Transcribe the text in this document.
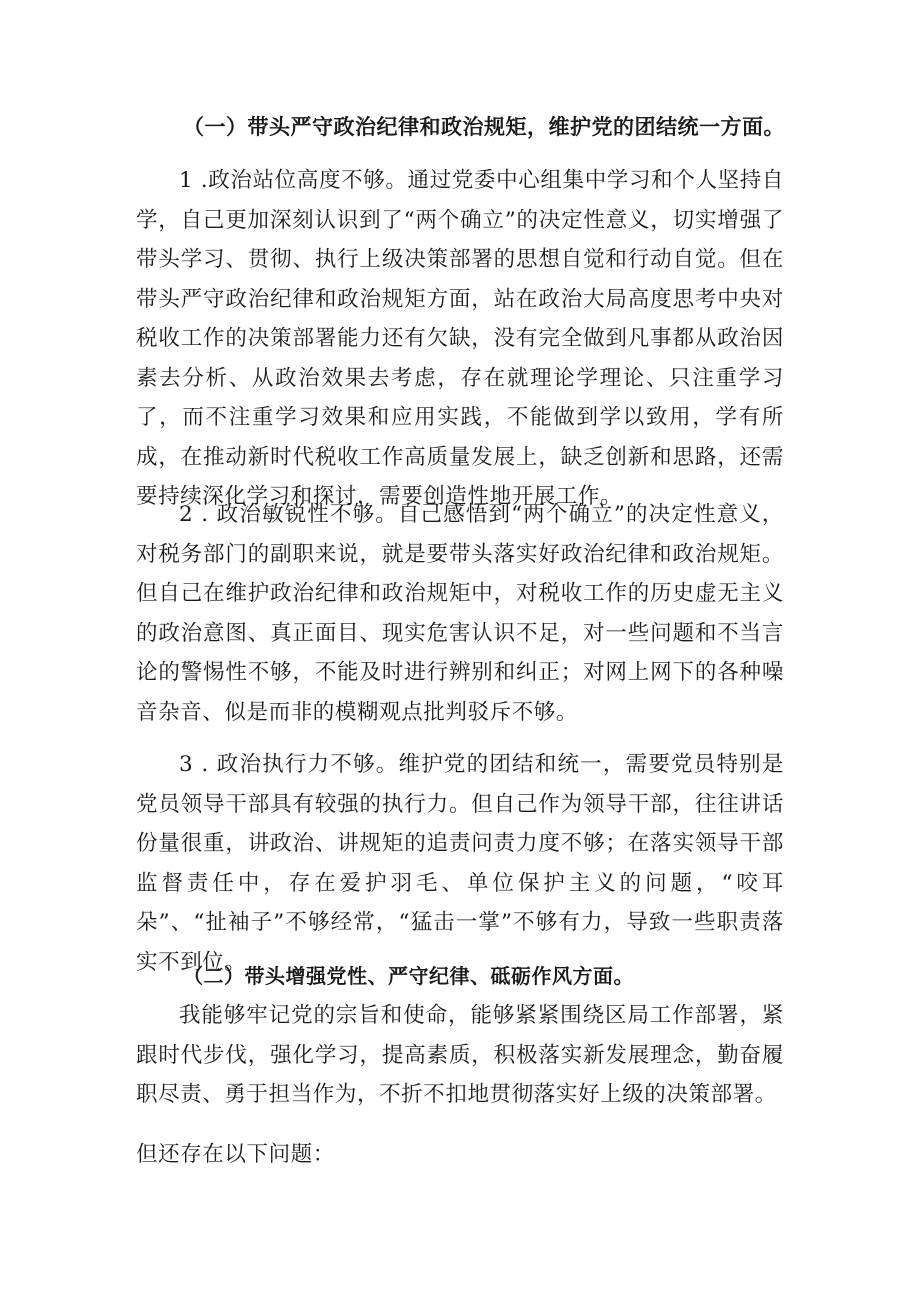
（一）带头严守政治纪律和政治规矩，维护党的团结统一方面。
1 .政治站位高度不够。通过党委中心组集中学习和个人坚持自学，自己更加深刻认识到了“两个确立”的决定性意义，切实增强了带头学习、贯彻、执行上级决策部署的思想自觉和行动自觉。但在带头严守政治纪律和政治规矩方面，站在政治大局高度思考中央对税收工作的决策部署能力还有欠缺，没有完全做到凡事都从政治因素去分析、从政治效果去考虑，存在就理论学理论、只注重学习了，而不注重学习效果和应用实践，不能做到学以致用，学有所成，在推动新时代税收工作高质量发展上，缺乏创新和思路，还需要持续深化学习和探讨，需要创造性地开展工作。
2 . 政治敏锐性不够。自己感悟到“两个确立”的决定性意义，对税务部门的副职来说，就是要带头落实好政治纪律和政治规矩。但自己在维护政治纪律和政治规矩中，对税收工作的历史虚无主义的政治意图、真正面目、现实危害认识不足，对一些问题和不当言论的警惕性不够，不能及时进行辨别和纠正；对网上网下的各种噪音杂音、似是而非的模糊观点批判驳斥不够。
3 . 政治执行力不够。维护党的团结和统一，需要党员特别是党员领导干部具有较强的执行力。但自己作为领导干部，往往讲话份量很重，讲政治、讲规矩的追责问责力度不够；在落实领导干部监督责任中，存在爱护羽毛、单位保护主义的问题，“咬耳朵”、“扯袖子”不够经常，“猛击一掌”不够有力，导致一些职责落实不到位。
（二）带头增强党性、严守纪律、砥砺作风方面。
我能够牢记党的宗旨和使命，能够紧紧围绕区局工作部署，紧跟时代步伐，强化学习，提高素质，积极落实新发展理念，勤奋履职尽责、勇于担当作为，不折不扣地贯彻落实好上级的决策部署。
但还存在以下问题：
